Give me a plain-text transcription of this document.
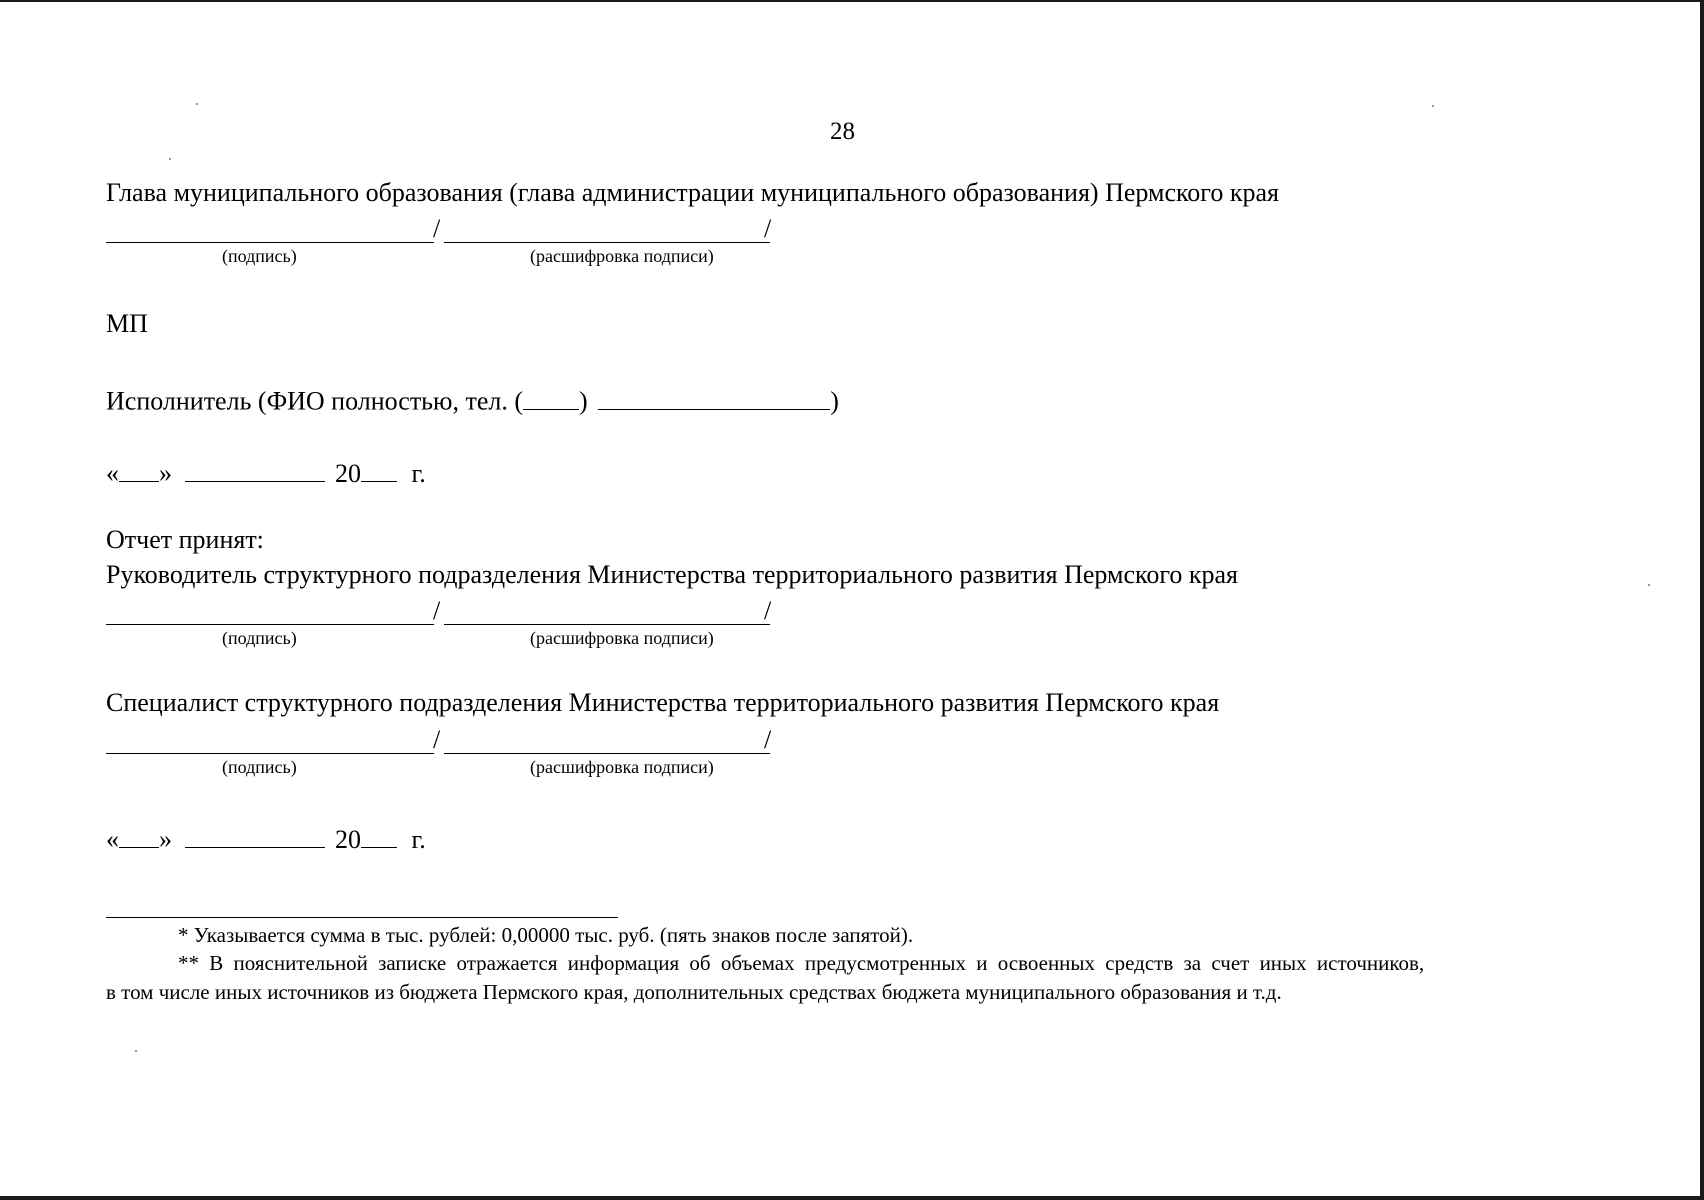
28
Глава муниципального образования (глава администрации муниципального образования) Пермского края
/	/
(подпись)	(расшифровка подписи)
МП
Исполнитель (ФИО полностью, тел. ( )	)
« »	20 г.
Отчет принят:
Руководитель структурного подразделения Министерства территориального развития Пермского края
/	/
(подпись)	(расшифровка подписи)
Специалист структурного подразделения Министерства территориального развития Пермского края
/	/
(подпись)	(расшифровка подписи)
« »	20 г.
* Указывается сумма в тыс. рублей: 0,00000 тыс. руб. (пять знаков после запятой).
** В пояснительной записке отражается информация об объемах предусмотренных и освоенных средств за счет иных источников,
в том числе иных источников из бюджета Пермского края, дополнительных средствах бюджета муниципального образования и т.д.
